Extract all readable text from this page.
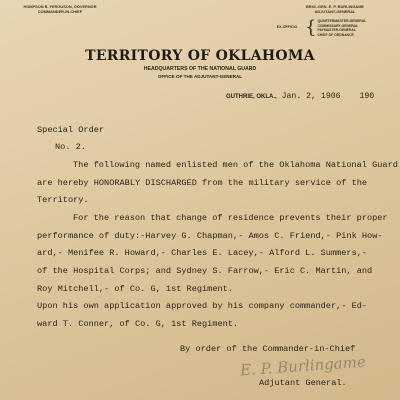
HOMPSON B. FERGUSON, GOVERNOR
COMMANDER-IN-CHIEF
BRIG.-GEN. E. P. BURLINGAME
ADJUTANT-GENERAL
EX-OFFICIO { QUARTERMASTER-GENERAL
COMMISSARY-GENERAL
PAYMASTER-GENERAL
CHIEF OF ORDNANCE
TERRITORY OF OKLAHOMA
HEADQUARTERS OF THE NATIONAL GUARD
OFFICE OF THE ADJUTANT-GENERAL
GUTHRIE, OKLA., Jan. 2, 1906 190
Special Order
No. 2.
The following named enlisted men of the Oklahoma National Guard
are hereby HONORABLY DISCHARGED from the military service of the
Territory.
For the reason that change of residence prevents their proper
performance of duty:-Harvey G. Chapman,- Amos C. Friend,- Pink How-
ard,- Menifee R. Howard,- Charles E. Lacey,- Alford L. Summers,-
of the Hospital Corps; and Sydney S. Farrow,- Eric C. Martin, and
Roy Mitchell,- of Co. G, 1st Regiment.
Upon his own application approved by his company commander,- Ed-
ward T. Conner, of Co. G, 1st Regiment.
By order of the Commander-in-Chief
Adjutant General.
E. P. Burlingame
